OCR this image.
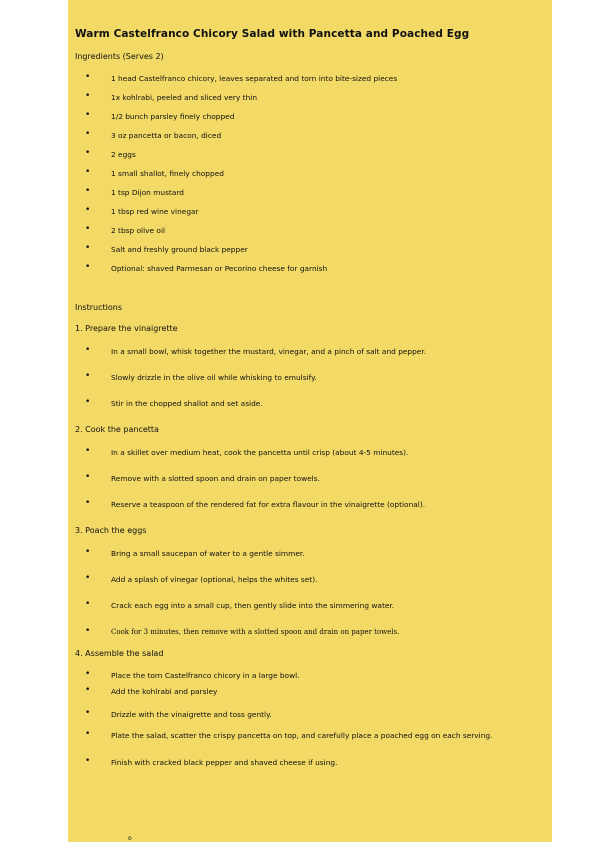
Warm Castelfranco Chicory Salad with Pancetta and Poached Egg
Ingredients (Serves 2)
•	1 head Castelfranco chicory, leaves separated and torn into bite-sized pieces
•	1x kohlrabi, peeled and sliced very thin
•	1/2 bunch parsley finely chopped
•	3 oz pancetta or bacon, diced
•	2 eggs
•	1 small shallot, finely chopped
•	1 tsp Dijon mustard
•	1 tbsp red wine vinegar
•	2 tbsp olive oil
•	Salt and freshly ground black pepper
•	Optional: shaved Parmesan or Pecorino cheese for garnish
Instructions
1. Prepare the vinaigrette
•	In a small bowl, whisk together the mustard, vinegar, and a pinch of salt and pepper.
•	Slowly drizzle in the olive oil while whisking to emulsify.
•	Stir in the chopped shallot and set aside.
2. Cook the pancetta
•	In a skillet over medium heat, cook the pancetta until crisp (about 4-5 minutes).
•	Remove with a slotted spoon and drain on paper towels.
•	Reserve a teaspoon of the rendered fat for extra flavour in the vinaigrette (optional).
3. Poach the eggs
•	Bring a small saucepan of water to a gentle simmer.
•	Add a splash of vinegar (optional, helps the whites set).
•	Crack each egg into a small cup, then gently slide into the simmering water.
•	Cook for 3 minutes, then remove with a slotted spoon and drain on paper towels.
4. Assemble the salad
•	Place the torn Castelfranco chicory in a large bowl.
•	Add the kohlrabi and parsley
•	Drizzle with the vinaigrette and toss gently.
•	Plate the salad, scatter the crispy pancetta on top, and carefully place a poached egg on each serving.
•	Finish with cracked black pepper and shaved cheese if using.
o
